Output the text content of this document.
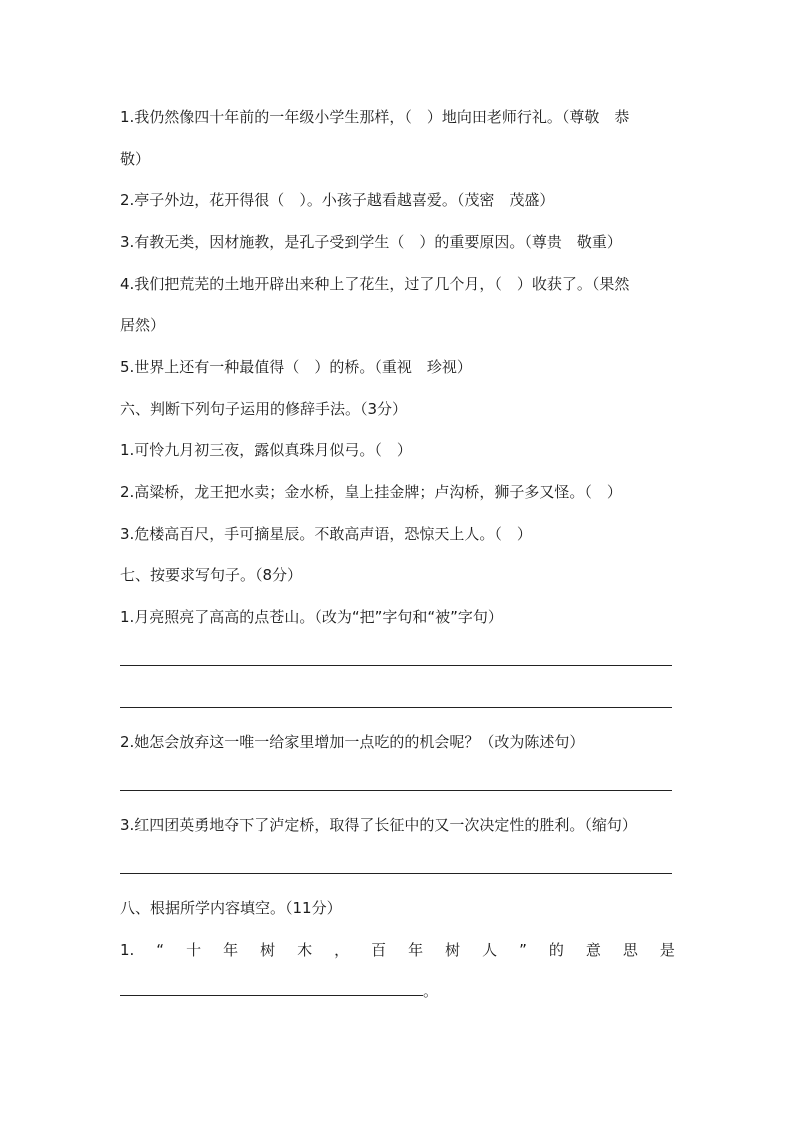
1.我仍然像四十年前的一年级小学生那样，（　）地向田老师行礼。（尊敬　恭
敬）
2.亭子外边，花开得很（　）。小孩子越看越喜爱。（茂密　茂盛）
3.有教无类，因材施教，是孔子受到学生（　）的重要原因。（尊贵　敬重）
4.我们把荒芜的土地开辟出来种上了花生，过了几个月，（　）收获了。（果然
居然）
5.世界上还有一种最值得（　）的桥。（重视　珍视）
六、判断下列句子运用的修辞手法。（3分）
1.可怜九月初三夜，露似真珠月似弓。（　）
2.高粱桥，龙王把水卖；金水桥，皇上挂金牌；卢沟桥，狮子多又怪。（　）
3.危楼高百尺，手可摘星辰。不敢高声语，恐惊天上人。（　）
七、按要求写句子。（8分）
1.月亮照亮了高高的点苍山。（改为“把”字句和“被”字句）
2.她怎会放弃这一唯一给家里增加一点吃的的机会呢？（改为陈述句）
3.红四团英勇地夺下了泸定桥，取得了长征中的又一次决定性的胜利。（缩句）
八、根据所学内容填空。（11分）
1. “ 十 年 树 木 ， 百 年 树 人 ” 的 意 思 是
。
